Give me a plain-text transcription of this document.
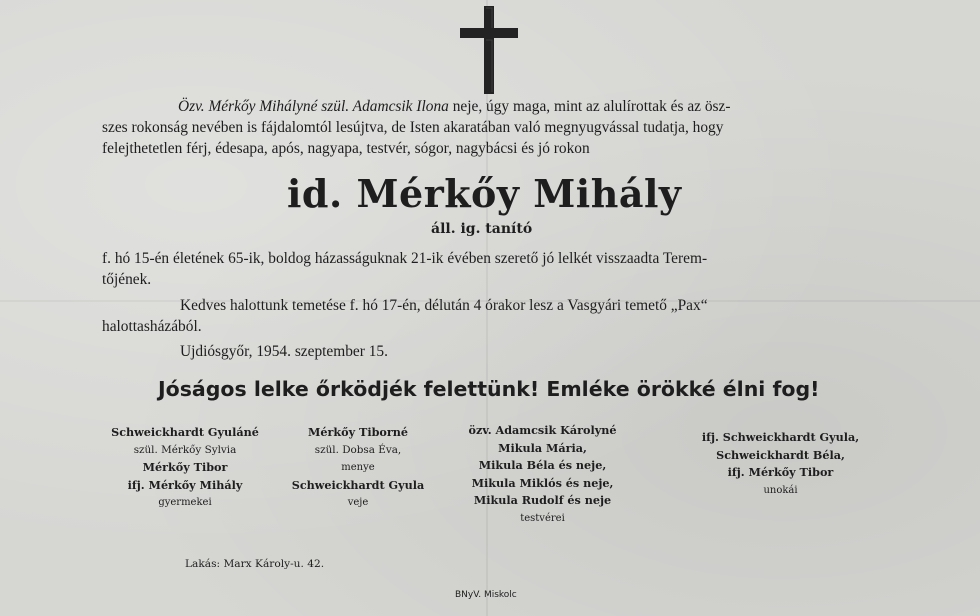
Özv. Mérkőy Mihályné szül. Adamcsik Ilona neje, úgy maga, mint az alulírottak és az ösz-
szes rokonság nevében is fájdalomtól lesújtva, de Isten akaratában való megnyugvással tudatja, hogy
felejthetetlen férj, édesapa, após, nagyapa, testvér, sógor, nagybácsi és jó rokon
id. Mérkőy Mihály
áll. ig. tanító
f. hó 15-én életének 65-ik, boldog házasságuknak 21-ik évében szerető jó lelkét visszaadta Terem-
tőjének.
Kedves halottunk temetése f. hó 17-én, délután 4 órakor lesz a Vasgyári temető „Pax“
halottasházából.
Ujdiósgyőr, 1954. szeptember 15.
Jóságos lelke őrködjék felettünk! Emléke örökké élni fog!
Schweickhardt Gyuláné
szül. Mérkőy Sylvia
Mérkőy Tibor
ifj. Mérkőy Mihály
gyermekei
Mérkőy Tiborné
szül. Dobsa Éva,
menye
Schweickhardt Gyula
veje
özv. Adamcsik Károlyné
Mikula Mária,
Mikula Béla és neje,
Mikula Miklós és neje,
Mikula Rudolf és neje
testvérei
ifj. Schweickhardt Gyula,
Schweickhardt Béla,
ifj. Mérkőy Tibor
unokái
Lakás: Marx Károly-u. 42.
BNyV. Miskolc
